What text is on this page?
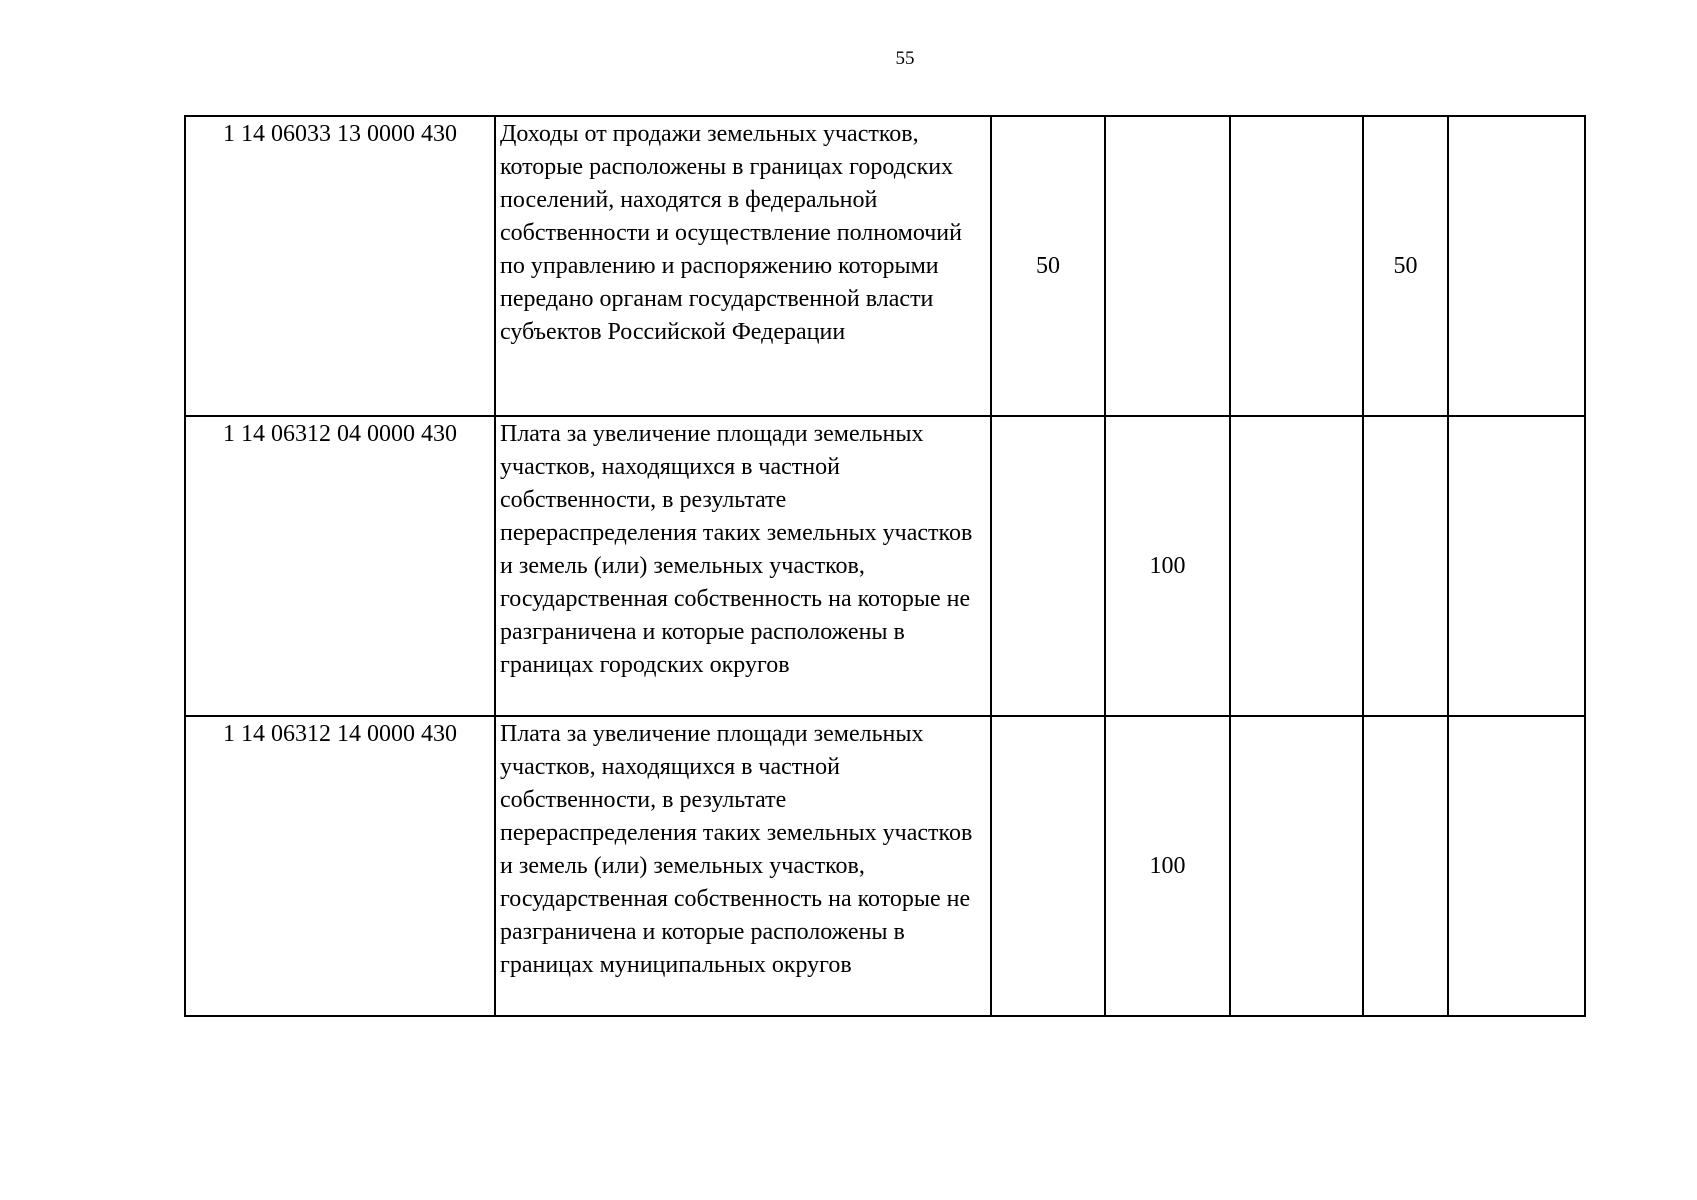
55
1 14 06033 13 0000 430	Доходы от продажи земельных участков, которые расположены в границах городских поселений, находятся в федеральной собственности и осуществление полномочий по управлению и распоряжению которыми передано органам государственной власти субъектов Российской Федерации	50			50	
1 14 06312 04 0000 430	Плата за увеличение площади земельных участков, находящихся в частной собственности, в результате перераспределения таких земельных участков и земель (или) земельных участков, государственная собственность на которые не разграничена и которые расположены в границах городских округов		100			
1 14 06312 14 0000 430	Плата за увеличение площади земельных участков, находящихся в частной собственности, в результате перераспределения таких земельных участков и земель (или) земельных участков, государственная собственность на которые не разграничена и которые расположены в границах муниципальных округов		100			
